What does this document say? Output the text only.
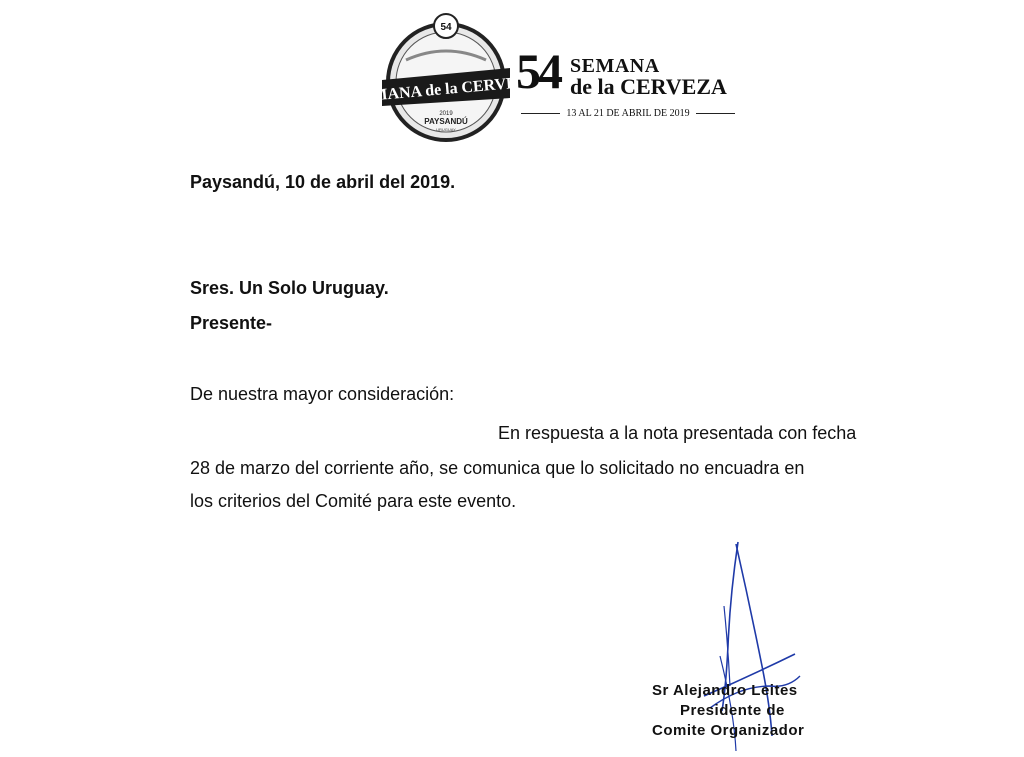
54
SEMANA de la CERVEZA
2019
PAYSANDÚ
URUGUAY
54 SEMANA
de la CERVEZA
13 AL 21 DE ABRIL DE 2019
Paysandú, 10 de abril del 2019.
Sres. Un Solo Uruguay.
Presente-
De nuestra mayor consideración:
En respuesta a la nota presentada con fecha
28 de marzo del corriente año, se comunica que lo solicitado no encuadra en
los criterios del Comité para este evento.
Sr Alejandro Leites
Presidente de
Comite Organizador
